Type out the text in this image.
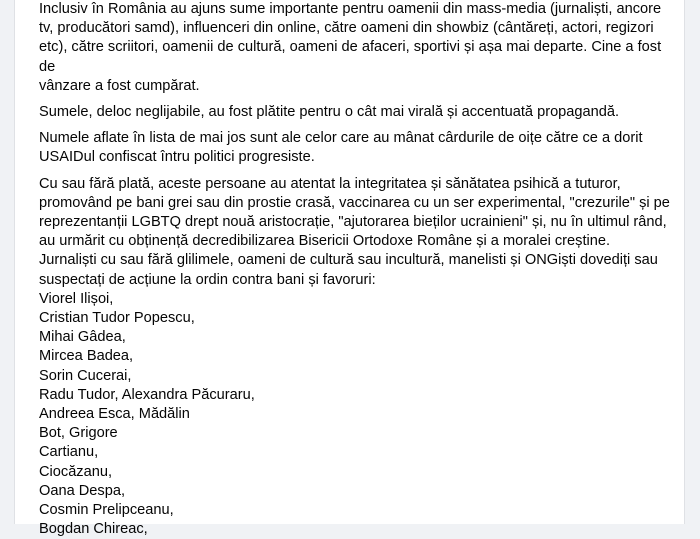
Inclusiv în România au ajuns sume importante pentru oamenii din mass-media (jurnaliști, ancore
tv, producători samd), influenceri din online, către oameni din showbiz (cântăreți, actori, regizori
etc), către scriitori, oamenii de cultură, oameni de afaceri, sportivi și așa mai departe. Cine a fost de
vânzare a fost cumpărat.
Sumele, deloc neglijabile, au fost plătite pentru o cât mai virală și accentuată propagandă.
Numele aflate în lista de mai jos sunt ale celor care au mânat cârdurile de oițe către ce a dorit
USAIDul confiscat întru politici progresiste.
Cu sau fără plată, aceste persoane au atentat la integritatea și sănătatea psihică a tuturor,
promovând pe bani grei sau din prostie crasă, vaccinarea cu un ser experimental, "crezurile" și pe
reprezentanții LGBTQ drept nouă aristocrație, "ajutorarea bieților ucrainieni" și, nu în ultimul rând,
au urmărit cu obținență decredibilizarea Bisericii Ortodoxe Române și a moralei creștine.
Jurnaliști cu sau fără glilimele, oameni de cultură sau incultură, manelisti și ONGiști dovediți sau
suspectați de acțiune la ordin contra bani și favoruri:
Viorel Ilișoi,
Cristian Tudor Popescu,
Mihai Gâdea,
Mircea Badea,
Sorin Cucerai,
Radu Tudor, Alexandra Păcuraru,
Andreea Esca, Mădălin
Bot, Grigore
Cartianu,
Ciocăzanu,
Oana Despa,
Cosmin Prelipceanu,
Bogdan Chireac,
